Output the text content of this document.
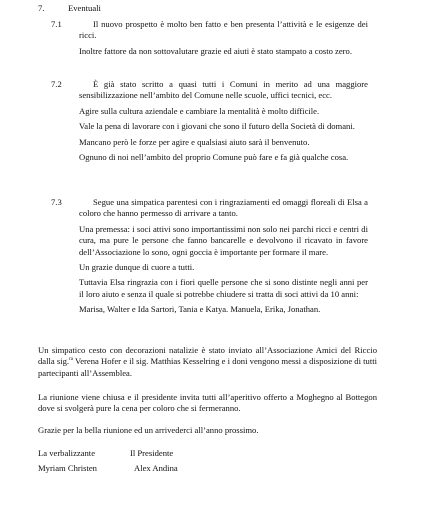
7.	Eventuali
7.1	Il nuovo prospetto è molto ben fatto e ben presenta l’attività e le esigenze dei ricci.

Inoltre fattore da non sottovalutare grazie ed aiuti è stato stampato a costo zero.

7.2	È già stato scritto a quasi tutti i Comuni in merito ad una maggiore sensibilizzazione nell’ambito del Comune nelle scuole, uffici tecnici, ecc.

Agire sulla cultura aziendale e cambiare la mentalità è molto difficile.

Vale la pena di lavorare con i giovani che sono il futuro della Società di domani.

Mancano però le forze per agire e qualsiasi aiuto sarà il benvenuto.

Ognuno di noi nell’ambito del proprio Comune può fare e fa già qualche cosa.

7.3	Segue una simpatica parentesi con i ringraziamenti ed omaggi floreali di Elsa a coloro che hanno permesso di arrivare a tanto.

Una premessa: i soci attivi sono importantissimi non solo nei parchi ricci e centri di cura, ma pure le persone che fanno bancarelle e devolvono il ricavato in favore dell’Associazione lo sono, ogni goccia è importante per formare il mare.

Un grazie dunque di cuore a tutti.

Tuttavia Elsa ringrazia con i fiori quelle persone che si sono distinte negli anni per il loro aiuto e senza il quale si potrebbe chiudere si tratta di soci attivi da 10 anni:

Marisa, Walter e Ida Sartori, Tania e Katya. Manuela, Erika, Jonathan.

Un simpatico cesto con decorazioni natalizie è stato inviato all’Associazione Amici del Riccio dalla sig.$^{ra}$ Verena Hofer e il sig. Matthias Kesselring e i doni vengono messi a disposizione di tutti partecipanti all’Assemblea.

La riunione viene chiusa e il presidente invita tutti all’aperitivo offerto a Moghegno al Bottegon dove si svolgerà pure la cena per coloro che si fermeranno.

Grazie per la bella riunione ed un arrivederci all’anno prossimo.

La verbalizzante	Il Presidente
Myriam Christen	Alex Andina
